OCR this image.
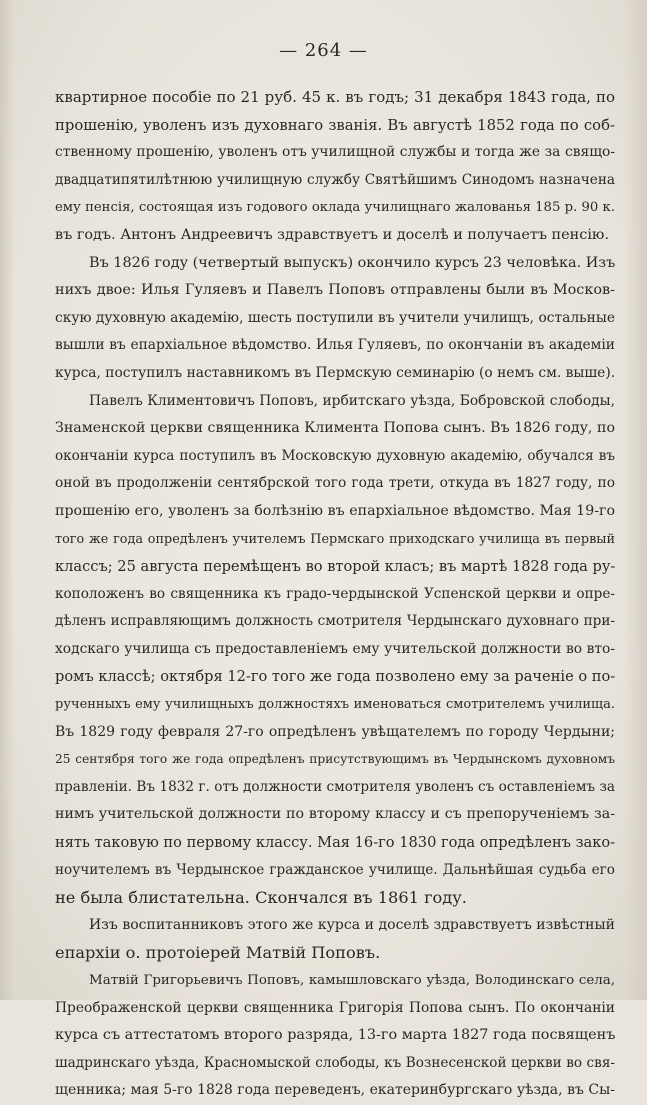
— 264 —
квартирное пособiе по 21 руб. 45 к. въ годъ; 31 декабря 1843 года, по
прошенію, уволенъ изъ духовнаго званія. Въ августѣ 1852 года по соб-
ственному прошенію, уволенъ отъ училищной службы и тогда же за свящо-
двадцатипятилѣтнюю училищную службу Святѣйшимъ Синодомъ назначена
ему пенсія, состоящая изъ годового оклада училищнаго жалованья 185 р. 90 к.
въ годъ. Антонъ Андреевичъ здравствуетъ и доселѣ и получаетъ пенсію.
Въ 1826 году (четвертый выпускъ) окончило курсъ 23 человѣка. Изъ
нихъ двое: Илья Гуляевъ и Павелъ Поповъ отправлены были въ Москов-
скую духовную академію, шесть поступили въ учители училищъ, остальные
вышли въ епархіальное вѣдомство. Илья Гуляевъ, по окончаніи въ академіи
курса, поступилъ наставникомъ въ Пермскую семинарію (о немъ см. выше).
Павелъ Климентовичъ Поповъ, ирбитскаго уѣзда, Бобровской слободы,
Знаменской церкви священника Климента Попова сынъ. Въ 1826 году, по
окончаніи курса поступилъ въ Московскую духовную академію, обучался въ
оной въ продолженіи сентябрской того года трети, откуда въ 1827 году, по
прошенію его, уволенъ за болѣзнію въ епархіальное вѣдомство. Мая 19-го
того же года опредѣленъ учителемъ Пермскаго приходскаго училища въ первый
классъ; 25 августа перемѣщенъ во второй класъ; въ мартѣ 1828 года ру-
коположенъ во священника къ градо-чердынской Успенской церкви и опре-
дѣленъ исправляющимъ должность смотрителя Чердынскаго духовнаго при-
ходскаго училища съ предоставленіемъ ему учительской должности во вто-
ромъ классѣ; октября 12-го того же года позволено ему за раченіе о по-
рученныхъ ему училищныхъ должностяхъ именоваться смотрителемъ училища.
Въ 1829 году февраля 27-го опредѣленъ увѣщателемъ по городу Чердыни;
25 сентября того же года опредѣленъ присутствующимъ въ Чердынскомъ духовномъ
правленіи. Въ 1832 г. отъ должности смотрителя уволенъ съ оставленіемъ за
нимъ учительской должности по второму классу и съ препорученіемъ за-
нять таковую по первому классу. Мая 16-го 1830 года опредѣленъ зако-
ноучителемъ въ Чердынское гражданское училище. Дальнѣйшая судьба его
не была блистательна. Скончался въ 1861 году.
Изъ воспитанниковъ этого же курса и доселѣ здравствуетъ извѣстный
епархіи о. протоіерей Матвій Поповъ.
Матвій Григорьевичъ Поповъ, камышловскаго уѣзда, Володинскаго села,
Преображенской церкви священника Григорія Попова сынъ. По окончаніи
курса съ аттестатомъ второго разряда, 13-го марта 1827 года посвященъ
шадринскаго уѣзда, Красномыской слободы, къ Вознесенской церкви во свя-
щенника; мая 5-го 1828 года переведенъ, екатеринбургскаго уѣзда, въ Сы-
